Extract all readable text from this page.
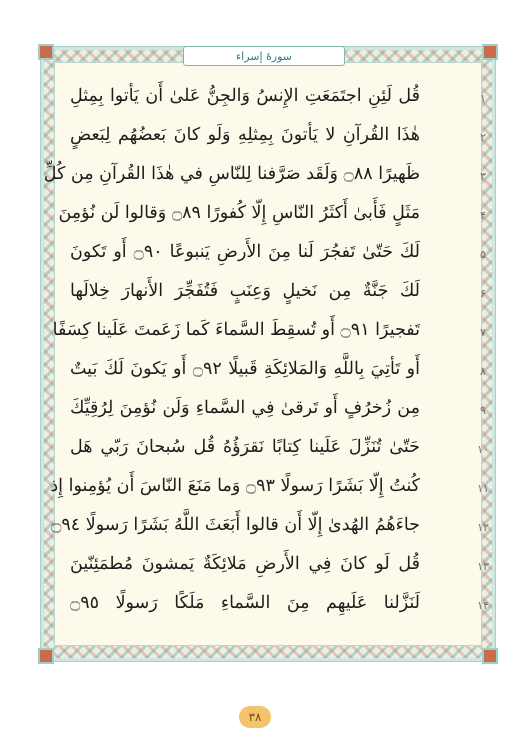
سورهٔ إسراء
۱
قُل لَئِنِ اجتَمَعَتِ الإِنسُ وَالجِنُّ عَلىٰ أَن يَأتوا بِمِثلِ
۲
هٰذَا القُرآنِ لا يَأتونَ بِمِثلِهِ وَلَو كانَ بَعضُهُم لِبَعضٍ
۳
ظَهيرًا ۝٨٨ وَلَقَد صَرَّفنا لِلنّاسِ في هٰذَا القُرآنِ مِن كُلِّ
۴
مَثَلٍ فَأَبىٰ أَكثَرُ النّاسِ إِلّا كُفورًا ۝٨٩ وَقالوا لَن نُؤمِنَ
۵
لَكَ حَتّىٰ تَفجُرَ لَنا مِنَ الأَرضِ يَنبوعًا ۝٩٠ أَو تَكونَ
۶
لَكَ جَنَّةٌ مِن نَخيلٍ وَعِنَبٍ فَتُفَجِّرَ الأَنهارَ خِلالَها
۷
تَفجيرًا ۝٩١ أَو تُسقِطَ السَّماءَ كَما زَعَمتَ عَلَينا كِسَفًا
۸
أَو تَأتِيَ بِاللَّهِ وَالمَلائِكَةِ قَبيلًا ۝٩٢ أَو يَكونَ لَكَ بَيتٌ
۹
مِن زُخرُفٍ أَو تَرقىٰ فِي السَّماءِ وَلَن نُؤمِنَ لِرُقِيِّكَ
۱۰
حَتّىٰ تُنَزِّلَ عَلَينا كِتابًا نَقرَؤُهُ قُل سُبحانَ رَبّي هَل
۱۱
كُنتُ إِلّا بَشَرًا رَسولًا ۝٩٣ وَما مَنَعَ النّاسَ أَن يُؤمِنوا إِذ
۱۲
جاءَهُمُ الهُدىٰ إِلّا أَن قالوا أَبَعَثَ اللَّهُ بَشَرًا رَسولًا ۝٩٤
۱۳
قُل لَو كانَ فِي الأَرضِ مَلائِكَةٌ يَمشونَ مُطمَئِنّينَ
۱۴
لَنَزَّلنا عَلَيهِم مِنَ السَّماءِ مَلَكًا رَسولًا ۝٩٥
۳۸
